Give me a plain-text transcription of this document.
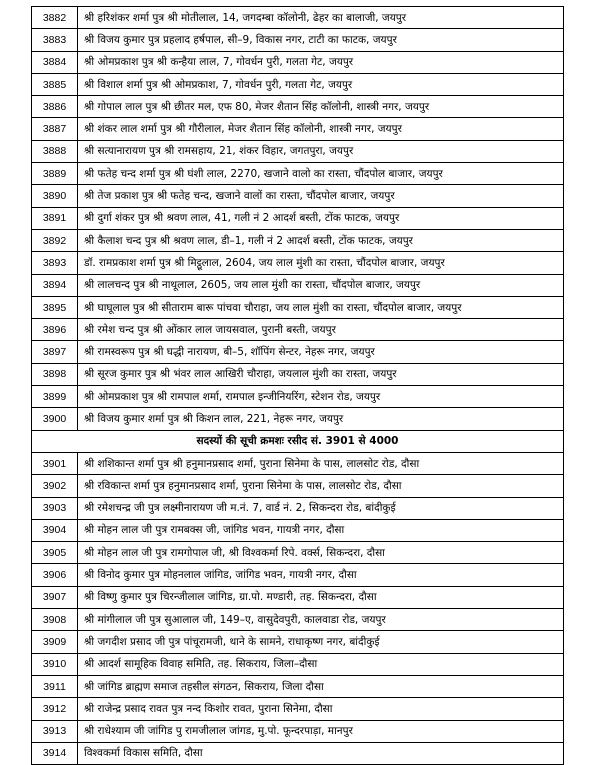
3882	श्री हरिशंकर शर्मा पुत्र श्री मोतीलाल, 14, जगदम्बा कॉलोनी, ढेहर का बालाजी, जयपुर
3883	श्री विजय कुमार पुत्र प्रहलाद हर्षपाल, सी–9, विकास नगर, टाटी का फाटक, जयपुर
3884	श्री ओमप्रकाश पुत्र श्री कन्हैया लाल, 7, गोवर्धन पुरी, गलता गेट, जयपुर
3885	श्री विशाल शर्मा पुत्र श्री ओमप्रकाश, 7, गोवर्धन पुरी, गलता गेट, जयपुर
3886	श्री गोपाल लाल पुत्र श्री छीतर मल, एफ 80, मेजर शैतान सिंह कॉलोनी, शास्त्री नगर, जयपुर
3887	श्री शंकर लाल शर्मा पुत्र श्री गौरीलाल, मेजर शैतान सिंह कॉलोनी, शास्त्री नगर, जयपुर
3888	श्री सत्यानारायण पुत्र श्री रामसहाय, 21, शंकर विहार, जगतपुरा, जयपुर
3889	श्री फतेह चन्द शर्मा पुत्र श्री घंशी लाल, 2270, खजाने वालो का रास्ता, चौंदपोल बाजार, जयपुर
3890	श्री तेज प्रकाश पुत्र श्री फतेह चन्द, खजाने वालों का रास्ता, चौंदपोल बाजार, जयपुर
3891	श्री दुर्गा शंकर पुत्र श्री श्रवण लाल, 41, गली नं 2 आदर्श बस्ती, टोंक फाटक, जयपुर
3892	श्री कैलाश चन्द पुत्र श्री श्रवण लाल, डी–1, गली नं 2 आदर्श बस्ती, टोंक फाटक, जयपुर
3893	डॉ. रामप्रकाश शर्मा पुत्र श्री मिट्ठूलाल, 2604, जय लाल मुंशी का रास्ता, चौंदपोल बाजार, जयपुर
3894	श्री लालचन्द पुत्र श्री नाथूलाल, 2605, जय लाल मुंशी का रास्ता, चौंदपोल बाजार, जयपुर
3895	श्री घाघूलाल पुत्र श्री सीताराम बारू पांचवा चौराहा, जय लाल मुंशी का रास्ता, चौंदपोल बाजार, जयपुर
3896	श्री रमेश चन्द पुत्र श्री ओंकार लाल जायसवाल, पुरानी बस्ती, जयपुर
3897	श्री रामस्वरूप पुत्र श्री घद्धी नारायण, बी–5, शॉपिंग सेन्टर, नेहरू नगर, जयपुर
3898	श्री सूरज कुमार पुत्र श्री भंवर लाल आखिरी चौराहा, जयलाल मुंशी का रास्ता, जयपुर
3899	श्री ओमप्रकाश पुत्र श्री रामपाल शर्मा, रामपाल इन्जीनियरिंग, स्टेशन रोड, जयपुर
3900	श्री विजय कुमार शर्मा पुत्र श्री किशन लाल, 221, नेहरू नगर, जयपुर
सदस्यों की सूची क्रमशः रसीद सं. 3901 से 4000	
3901	श्री शशिकान्त शर्मा पुत्र श्री हनुमानप्रसाद शर्मा, पुराना सिनेमा के पास, लालसोट रोड, दौसा
3902	श्री रविकान्त शर्मा पुत्र हनुमानप्रसाद शर्मा, पुराना सिनेमा के पास, लालसोट रोड, दौसा
3903	श्री रमेशचन्द्र जी पुत्र लक्ष्मीनारायण जी म.नं. 7, वार्ड नं. 2, सिकन्दरा रोड, बांदीकुई
3904	श्री मोहन लाल जी पुत्र रामबक्स जी, जांगिड भवन, गायत्री नगर, दौसा
3905	श्री मोहन लाल जी पुत्र रामगोपाल जी, श्री विश्वकर्मा रिपे. वर्क्स, सिकन्दरा, दौसा
3906	श्री विनोद कुमार पुत्र मोहनलाल जांगिड, जांगिड भवन, गायत्री नगर, दौसा
3907	श्री विष्णु कुमार पुत्र चिरन्जीलाल जांगिड, ग्रा.पो. मण्डारी, तह. सिकन्दरा, दौसा
3908	श्री मांगीलाल जी पुत्र सुआलाल जी, 149–ए, वासुदेवपुरी, कालवाडा रोड, जयपुर
3909	श्री जगदीश प्रसाद जी पुत्र पांचूरामजी, थाने के सामने, राधाकृष्ण नगर, बांदीकुई
3910	श्री आदर्श सामूहिक विवाह समिति, तह. सिकराय, जिला–दौसा
3911	श्री जांगिड ब्राह्मण समाज तहसील संगठन, सिकराय, जिला दौसा
3912	श्री राजेन्द्र प्रसाद रावत पुत्र नन्द किशोर रावत, पुराना सिनेमा, दौसा
3913	श्री राधेश्याम जी जांगिड पु रामजीलाल जांगड, मु.पो. फून्दरपाड़ा, मानपुर
3914	विश्वकर्मा विकास समिति, दौसा
